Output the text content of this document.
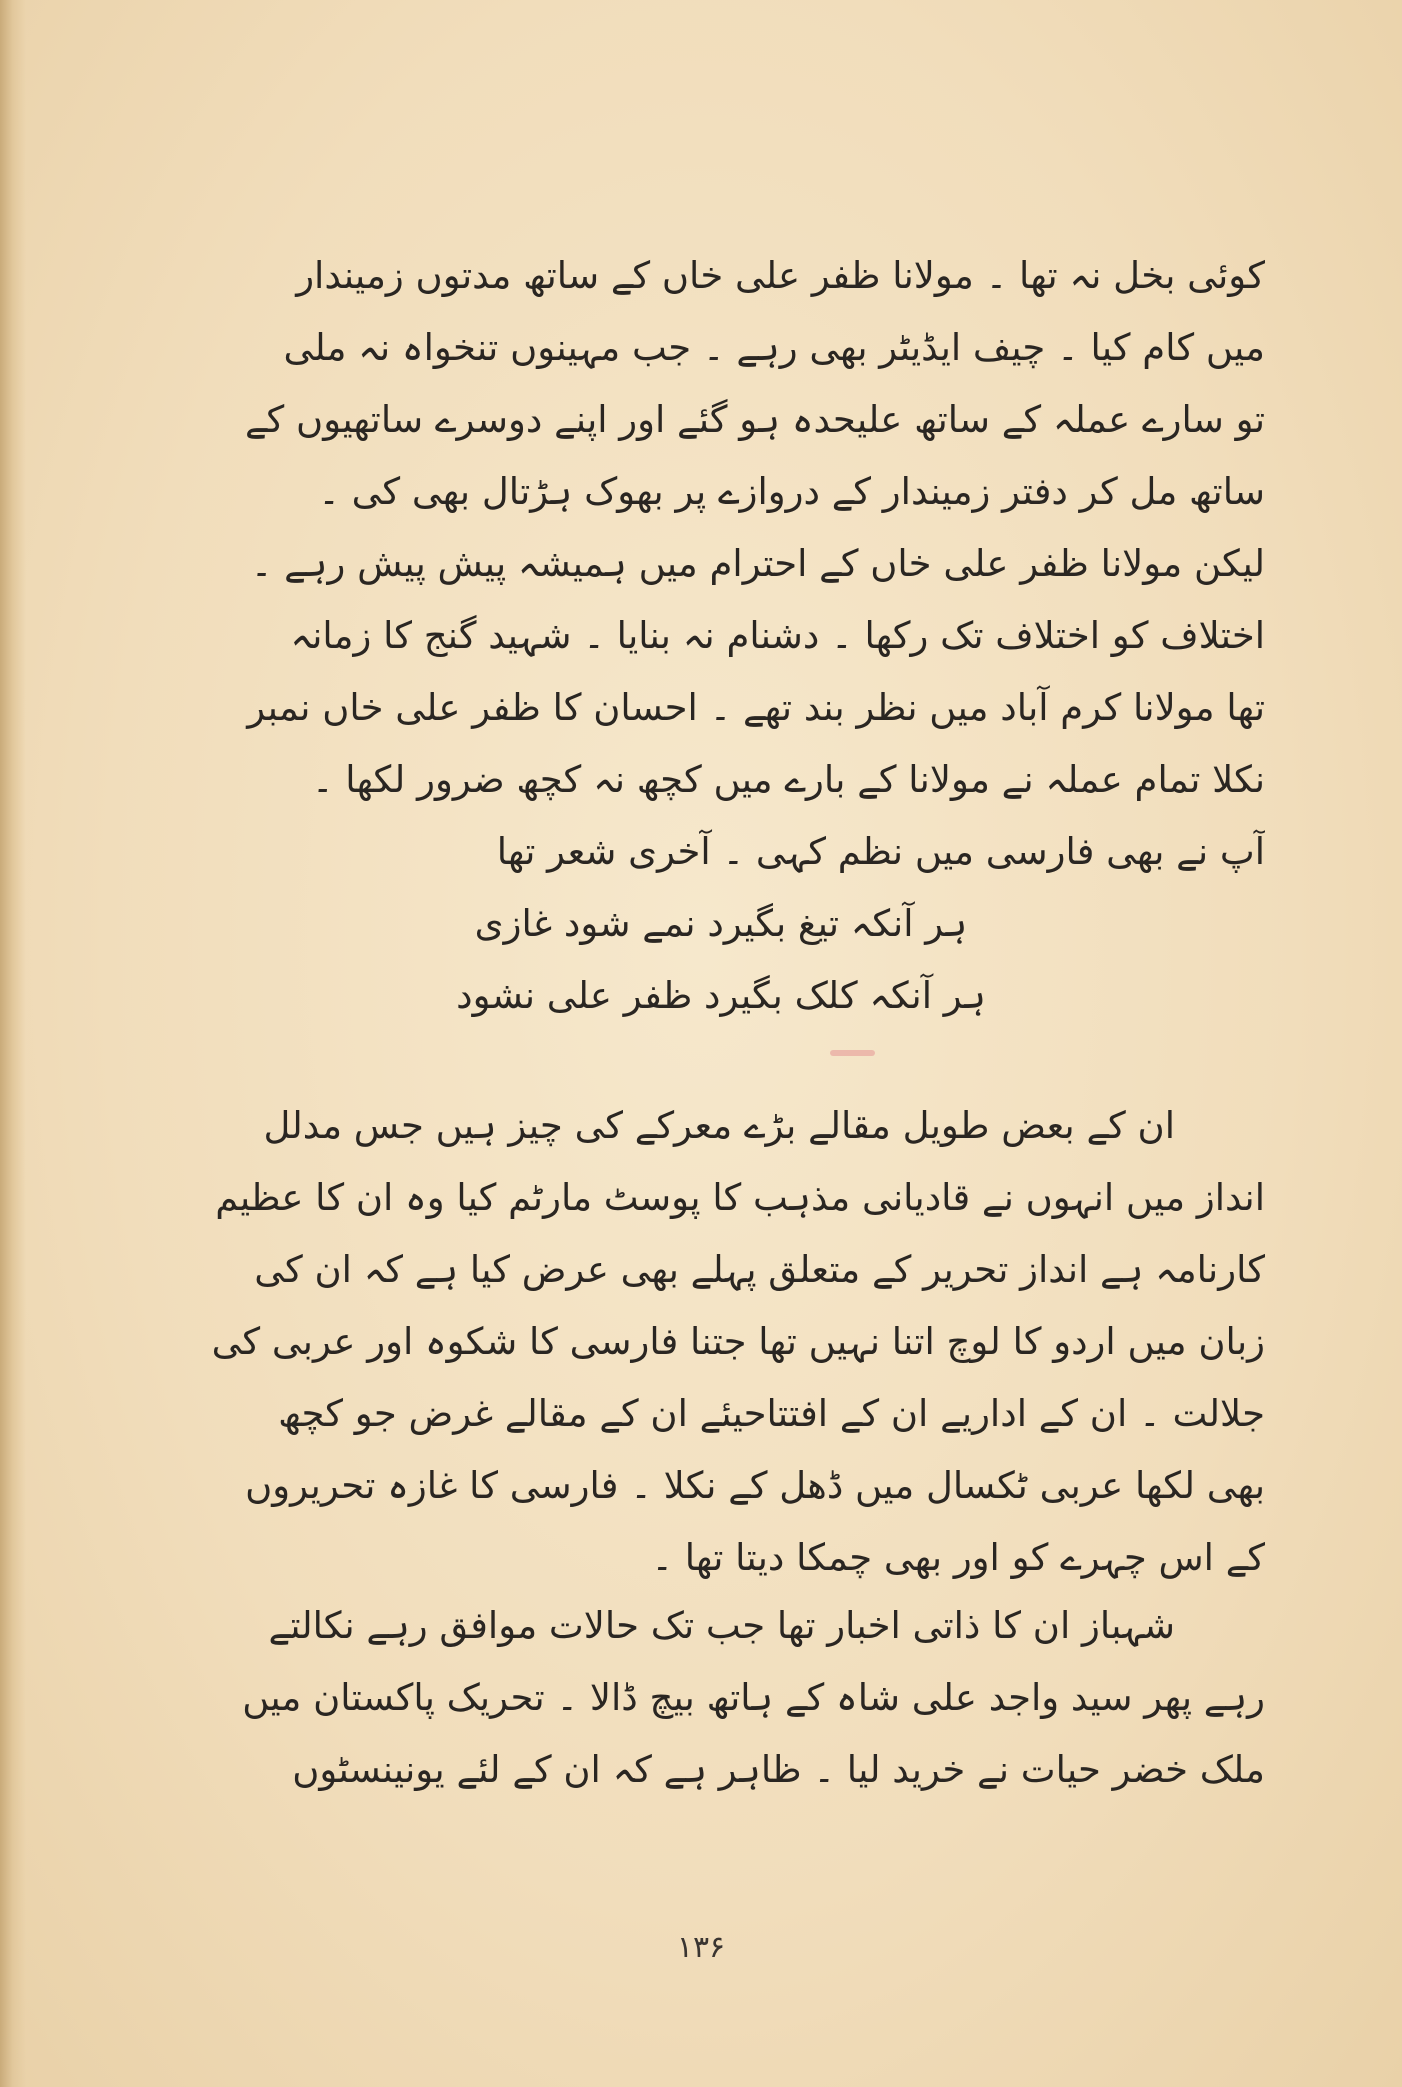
کوئی بخل نہ تھا ۔ مولانا ظفر علی خاں کے ساتھ مدتوں زمیندار
میں کام کیا ۔ چیف ایڈیٹر بھی رہے ۔ جب مہینوں تنخواہ نہ ملی
تو سارے عملہ کے ساتھ علیحدہ ہو گئے اور اپنے دوسرے ساتھیوں کے
ساتھ مل کر دفتر زمیندار کے دروازے پر بھوک ہڑتال بھی کی ۔
لیکن مولانا ظفر علی خاں کے احترام میں ہمیشہ پیش پیش رہے ۔
اختلاف کو اختلاف تک رکھا ۔ دشنام نہ بنایا ۔ شہید گنج کا زمانہ
تھا مولانا کرم آباد میں نظر بند تھے ۔ احسان کا ظفر علی خاں نمبر
نکلا تمام عملہ نے مولانا کے بارے میں کچھ نہ کچھ ضرور لکھا ۔
آپ نے بھی فارسی میں نظم کہی ۔ آخری شعر تھا
ہر آنکہ تیغ بگیرد نمے شود غازی
ہر آنکہ کلک بگیرد ظفر علی نشود
ان کے بعض طویل مقالے بڑے معرکے کی چیز ہیں جس مدلل
انداز میں انہوں نے قادیانی مذہب کا پوسٹ مارٹم کیا وہ ان کا عظیم
کارنامہ ہے انداز تحریر کے متعلق پہلے بھی عرض کیا ہے کہ ان کی
زبان میں اردو کا لوچ اتنا نہیں تھا جتنا فارسی کا شکوہ اور عربی کی
جلالت ۔ ان کے اداریے ان کے افتتاحیئے ان کے مقالے غرض جو کچھ
بھی لکھا عربی ٹکسال میں ڈھل کے نکلا ۔ فارسی کا غازہ تحریروں
کے اس چہرے کو اور بھی چمکا دیتا تھا ۔
شہباز ان کا ذاتی اخبار تھا جب تک حالات موافق رہے نکالتے
رہے پھر سید واجد علی شاہ کے ہاتھ بیچ ڈالا ۔ تحریک پاکستان میں
ملک خضر حیات نے خرید لیا ۔ ظاہر ہے کہ ان کے لئے یونینسٹوں
۱۳۶
